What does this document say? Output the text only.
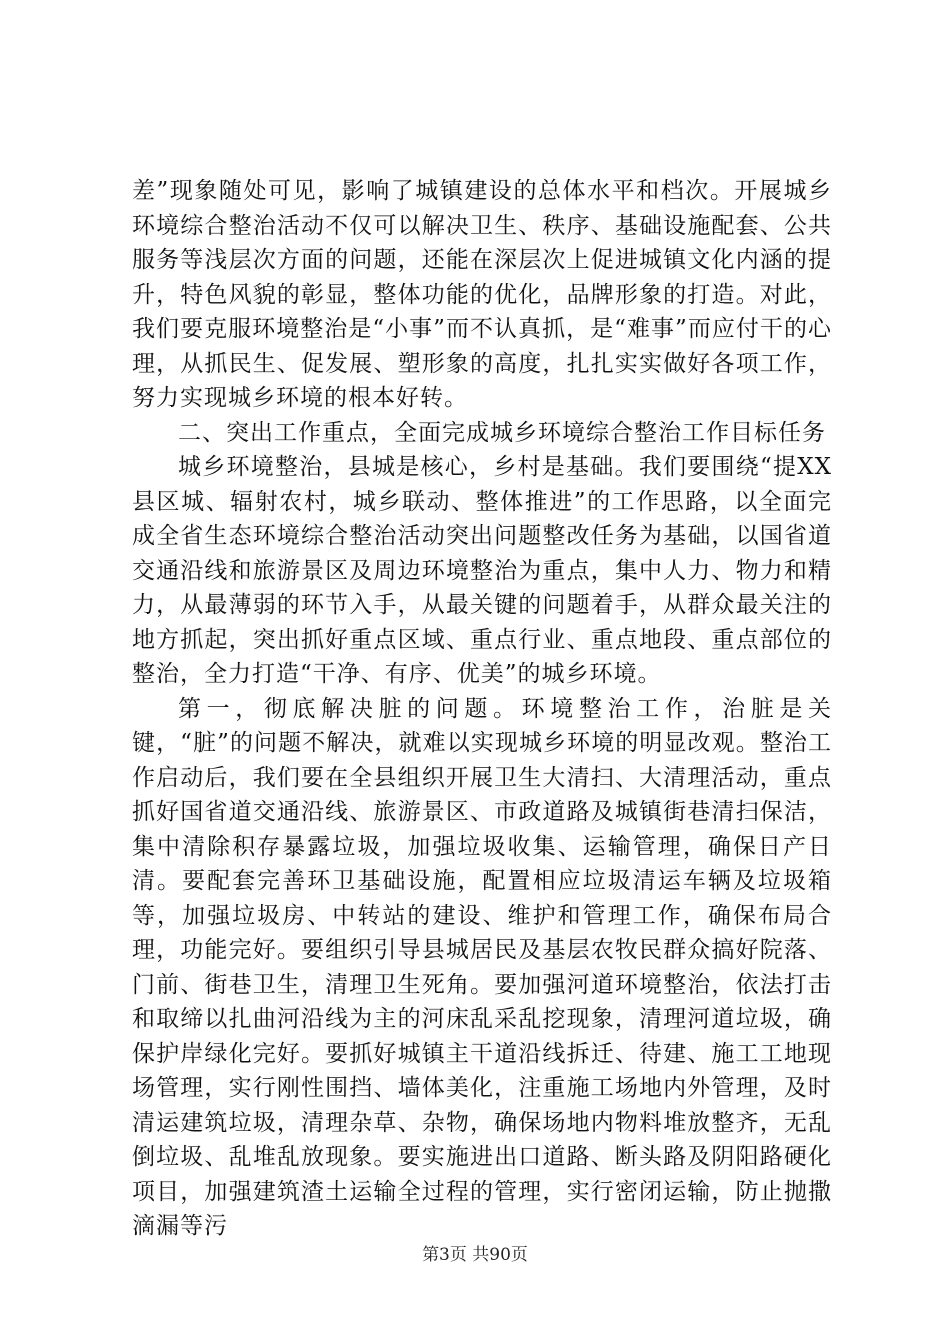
差”现象随处可见，影响了城镇建设的总体水平和档次。开展城乡环境综合整治活动不仅可以解决卫生、秩序、基础设施配套、公共服务等浅层次方面的问题，还能在深层次上促进城镇文化内涵的提升，特色风貌的彰显，整体功能的优化，品牌形象的打造。对此，我们要克服环境整治是“小事”而不认真抓，是“难事”而应付干的心理，从抓民生、促发展、塑形象的高度，扎扎实实做好各项工作，努力实现城乡环境的根本好转。

二、突出工作重点，全面完成城乡环境综合整治工作目标任务

城乡环境整治，县城是核心，乡村是基础。我们要围绕“提XX县区城、辐射农村，城乡联动、整体推进”的工作思路，以全面完成全省生态环境综合整治活动突出问题整改任务为基础，以国省道交通沿线和旅游景区及周边环境整治为重点，集中人力、物力和精力，从最薄弱的环节入手，从最关键的问题着手，从群众最关注的地方抓起，突出抓好重点区域、重点行业、重点地段、重点部位的整治，全力打造“干净、有序、优美”的城乡环境。

第一，彻底解决脏的问题。环境整治工作，治脏是关键，“脏”的问题不解决，就难以实现城乡环境的明显改观。整治工作启动后，我们要在全县组织开展卫生大清扫、大清理活动，重点抓好国省道交通沿线、旅游景区、市政道路及城镇街巷清扫保洁，集中清除积存暴露垃圾，加强垃圾收集、运输管理，确保日产日清。要配套完善环卫基础设施，配置相应垃圾清运车辆及垃圾箱等，加强垃圾房、中转站的建设、维护和管理工作，确保布局合理，功能完好。要组织引导县城居民及基层农牧民群众搞好院落、门前、街巷卫生，清理卫生死角。要加强河道环境整治，依法打击和取缔以扎曲河沿线为主的河床乱采乱挖现象，清理河道垃圾，确保护岸绿化完好。要抓好城镇主干道沿线拆迁、待建、施工工地现场管理，实行刚性围挡、墙体美化，注重施工场地内外管理，及时清运建筑垃圾，清理杂草、杂物，确保场地内物料堆放整齐，无乱倒垃圾、乱堆乱放现象。要实施进出口道路、断头路及阴阳路硬化项目，加强建筑渣土运输全过程的管理，实行密闭运输，防止抛撒滴漏等污

第3页 共90页
